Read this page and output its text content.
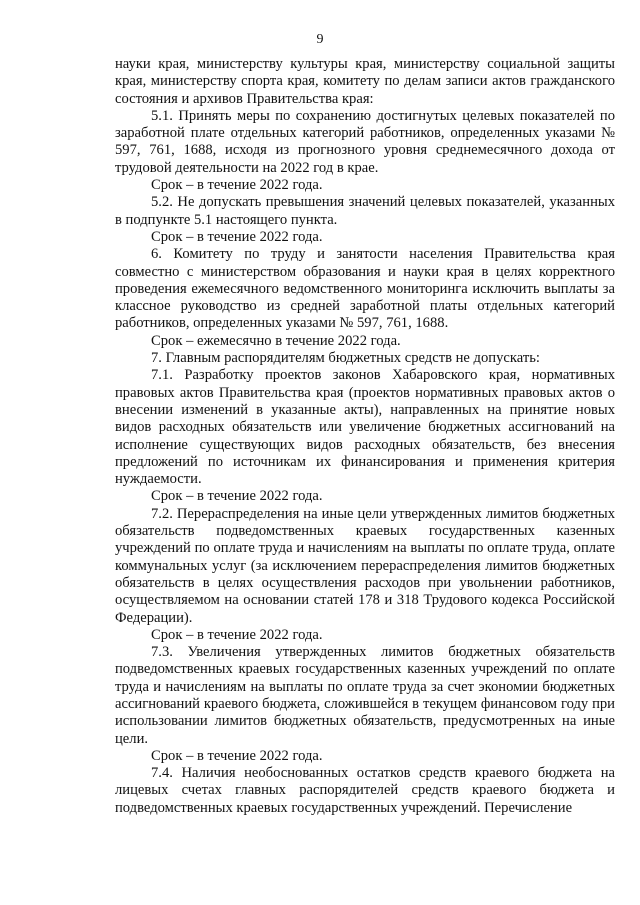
9

науки края, министерству культуры края, министерству социальной защиты края, министерству спорта края, комитету по делам записи актов гражданского состояния и архивов Правительства края:

5.1. Принять меры по сохранению достигнутых целевых показателей по заработной плате отдельных категорий работников, определенных указами № 597, 761, 1688, исходя из прогнозного уровня среднемесячного дохода от трудовой деятельности на 2022 год в крае.

Срок – в течение 2022 года.

5.2. Не допускать превышения значений целевых показателей, указанных в подпункте 5.1 настоящего пункта.

Срок – в течение 2022 года.

6. Комитету по труду и занятости населения Правительства края совместно с министерством образования и науки края в целях корректного проведения ежемесячного ведомственного мониторинга исключить выплаты за классное руководство из средней заработной платы отдельных категорий работников, определенных указами № 597, 761, 1688.

Срок – ежемесячно в течение 2022 года.

7. Главным распорядителям бюджетных средств не допускать:

7.1. Разработку проектов законов Хабаровского края, нормативных правовых актов Правительства края (проектов нормативных правовых актов о внесении изменений в указанные акты), направленных на принятие новых видов расходных обязательств или увеличение бюджетных ассигнований на исполнение существующих видов расходных обязательств, без внесения предложений по источникам их финансирования и применения критерия нуждаемости.

Срок – в течение 2022 года.

7.2. Перераспределения на иные цели утвержденных лимитов бюджетных обязательств подведомственных краевых государственных казенных учреждений по оплате труда и начислениям на выплаты по оплате труда, оплате коммунальных услуг (за исключением перераспределения лимитов бюджетных обязательств в целях осуществления расходов при увольнении работников, осуществляемом на основании статей 178 и 318 Трудового кодекса Российской Федерации).

Срок – в течение 2022 года.

7.3. Увеличения утвержденных лимитов бюджетных обязательств подведомственных краевых государственных казенных учреждений по оплате труда и начислениям на выплаты по оплате труда за счет экономии бюджетных ассигнований краевого бюджета, сложившейся в текущем финансовом году при использовании лимитов бюджетных обязательств, предусмотренных на иные цели.

Срок – в течение 2022 года.

7.4. Наличия необоснованных остатков средств краевого бюджета на лицевых счетах главных распорядителей средств краевого бюджета и подведомственных краевых государственных учреждений. Перечисление
